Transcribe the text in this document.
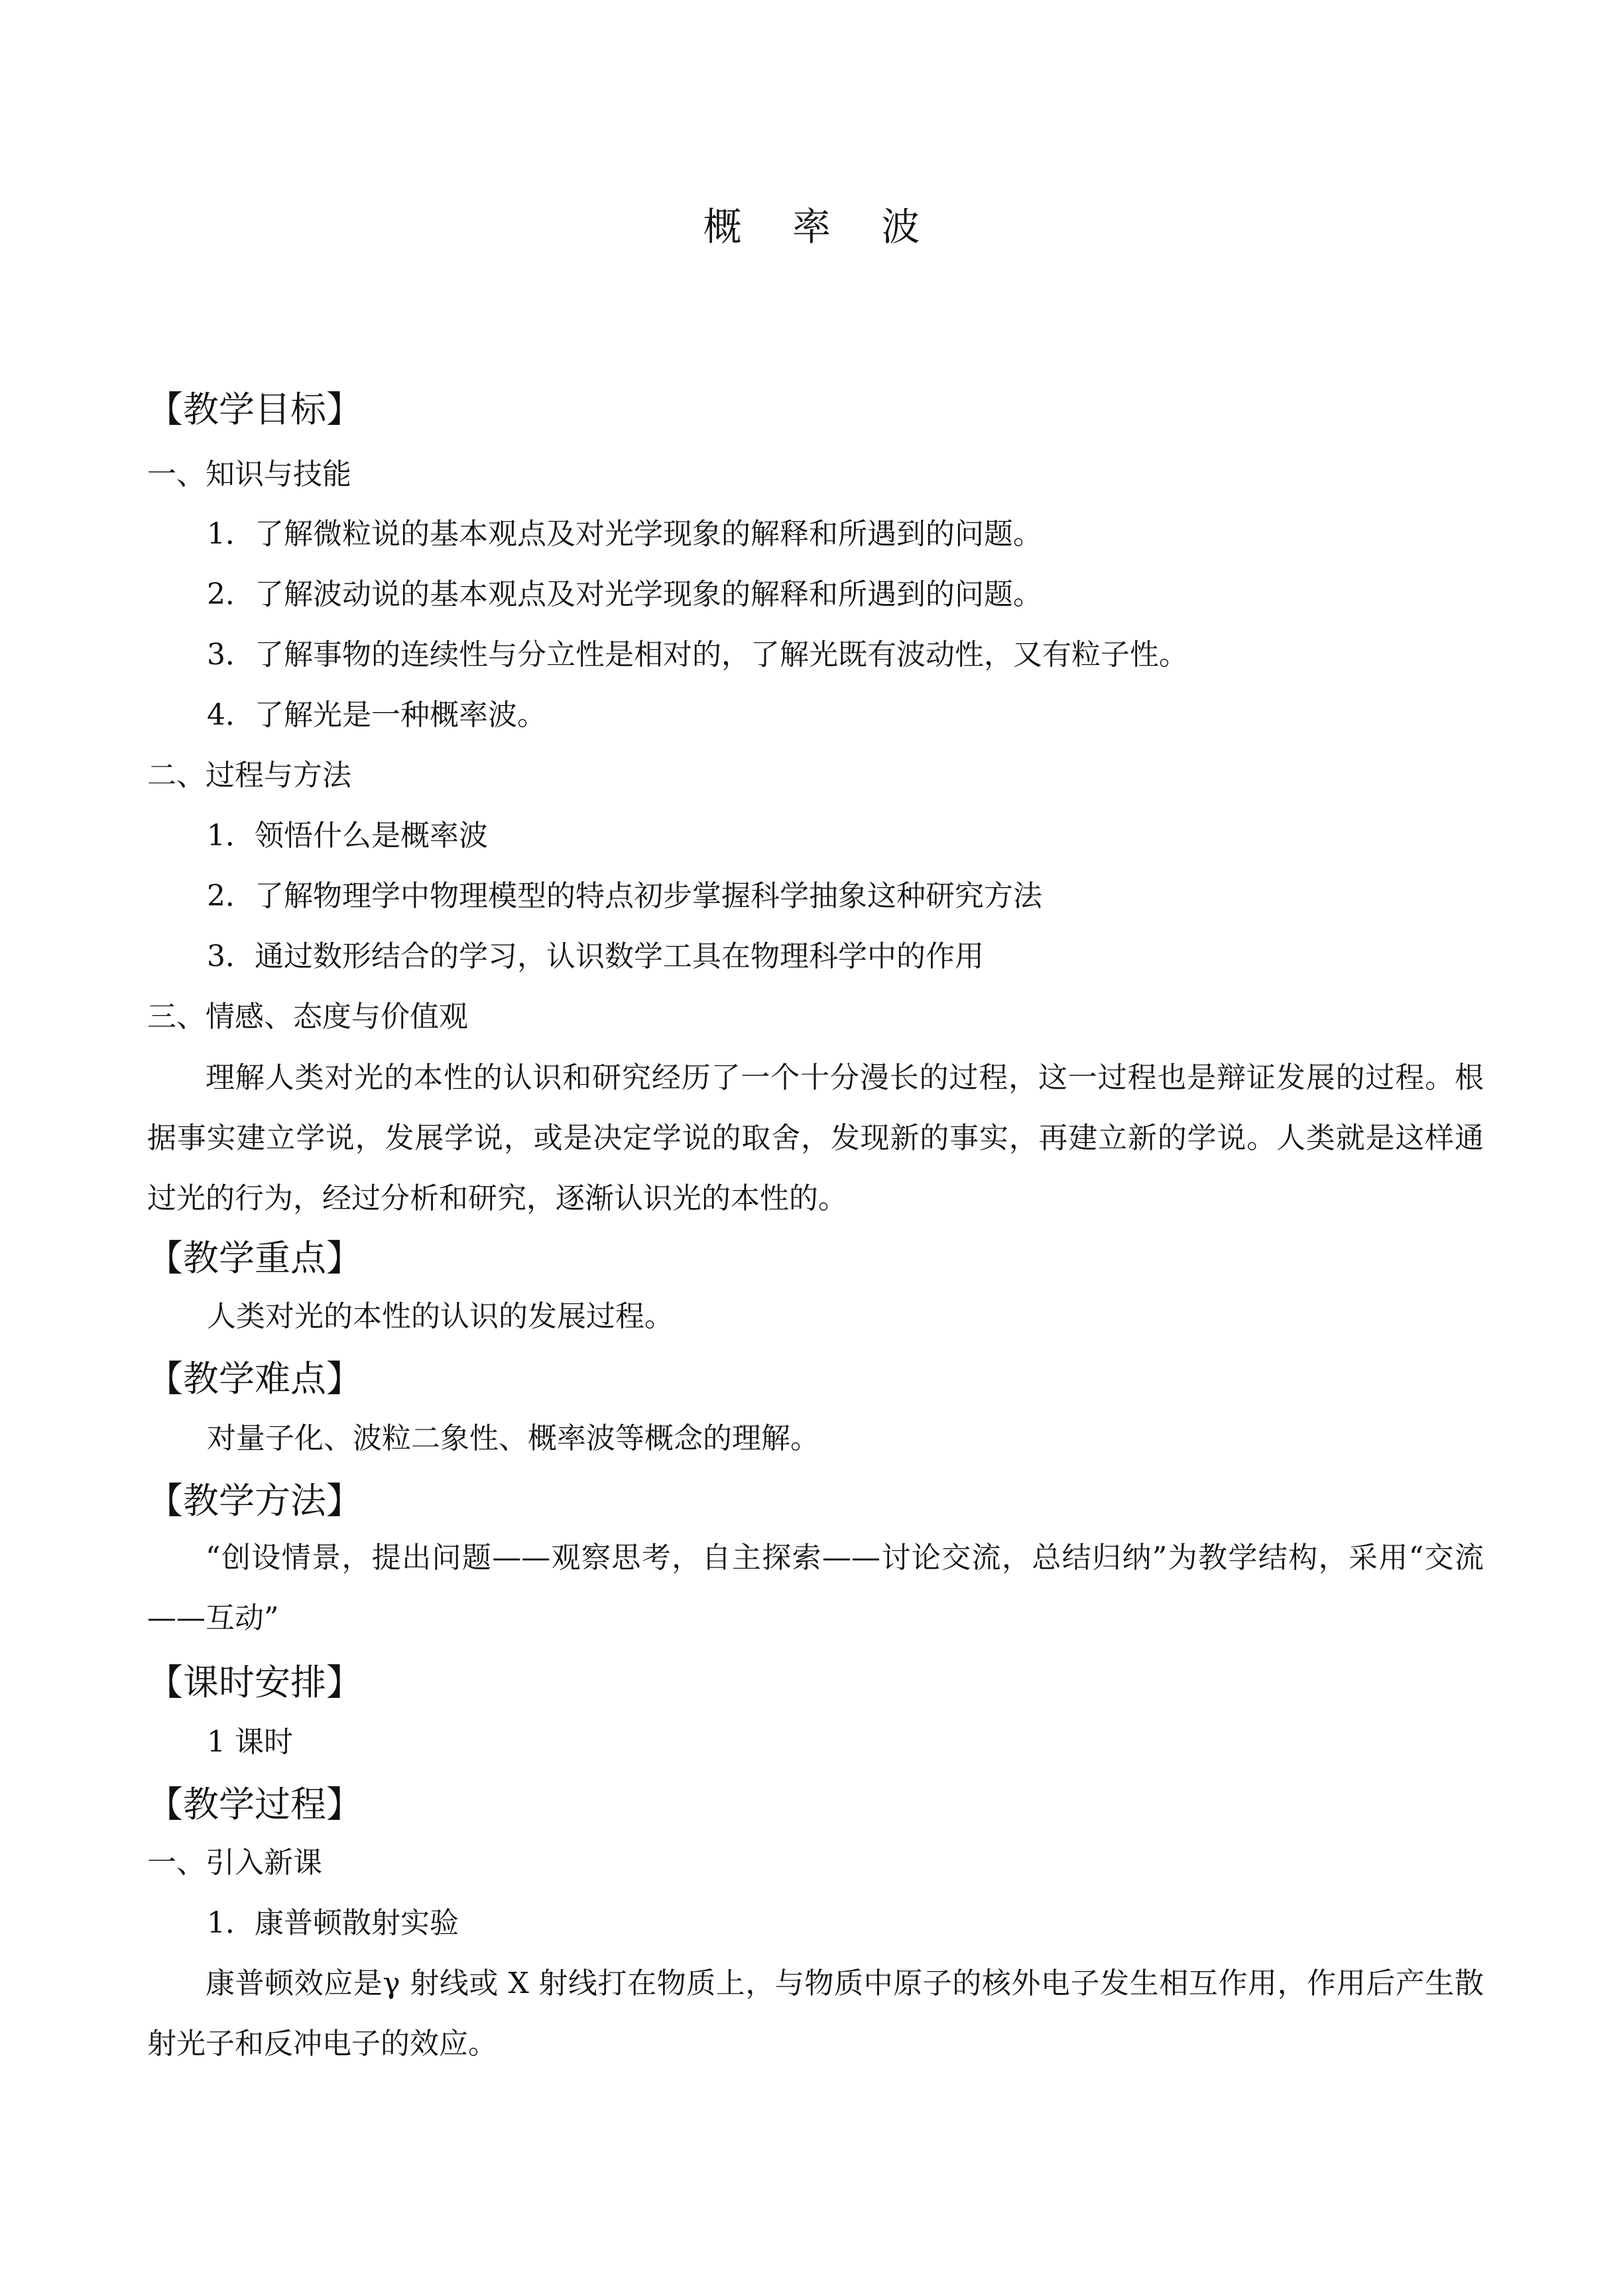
概 率 波
【教学目标】
一、知识与技能
1．了解微粒说的基本观点及对光学现象的解释和所遇到的问题。
2．了解波动说的基本观点及对光学现象的解释和所遇到的问题。
3．了解事物的连续性与分立性是相对的，了解光既有波动性，又有粒子性。
4．了解光是一种概率波。
二、过程与方法
1．领悟什么是概率波
2．了解物理学中物理模型的特点初步掌握科学抽象这种研究方法
3．通过数形结合的学习，认识数学工具在物理科学中的作用
三、情感、态度与价值观
理解人类对光的本性的认识和研究经历了一个十分漫长的过程，这一过程也是辩证发展的过程。根据事实建立学说，发展学说，或是决定学说的取舍，发现新的事实，再建立新的学说。人类就是这样通过光的行为，经过分析和研究，逐渐认识光的本性的。
【教学重点】
人类对光的本性的认识的发展过程。
【教学难点】
对量子化、波粒二象性、概率波等概念的理解。
【教学方法】
“创设情景，提出问题——观察思考，自主探索——讨论交流，总结归纳”为教学结构，采用“交流——互动”
【课时安排】
1 课时
【教学过程】
一、引入新课
1．康普顿散射实验
康普顿效应是γ 射线或 X 射线打在物质上，与物质中原子的核外电子发生相互作用，作用后产生散射光子和反冲电子的效应。
